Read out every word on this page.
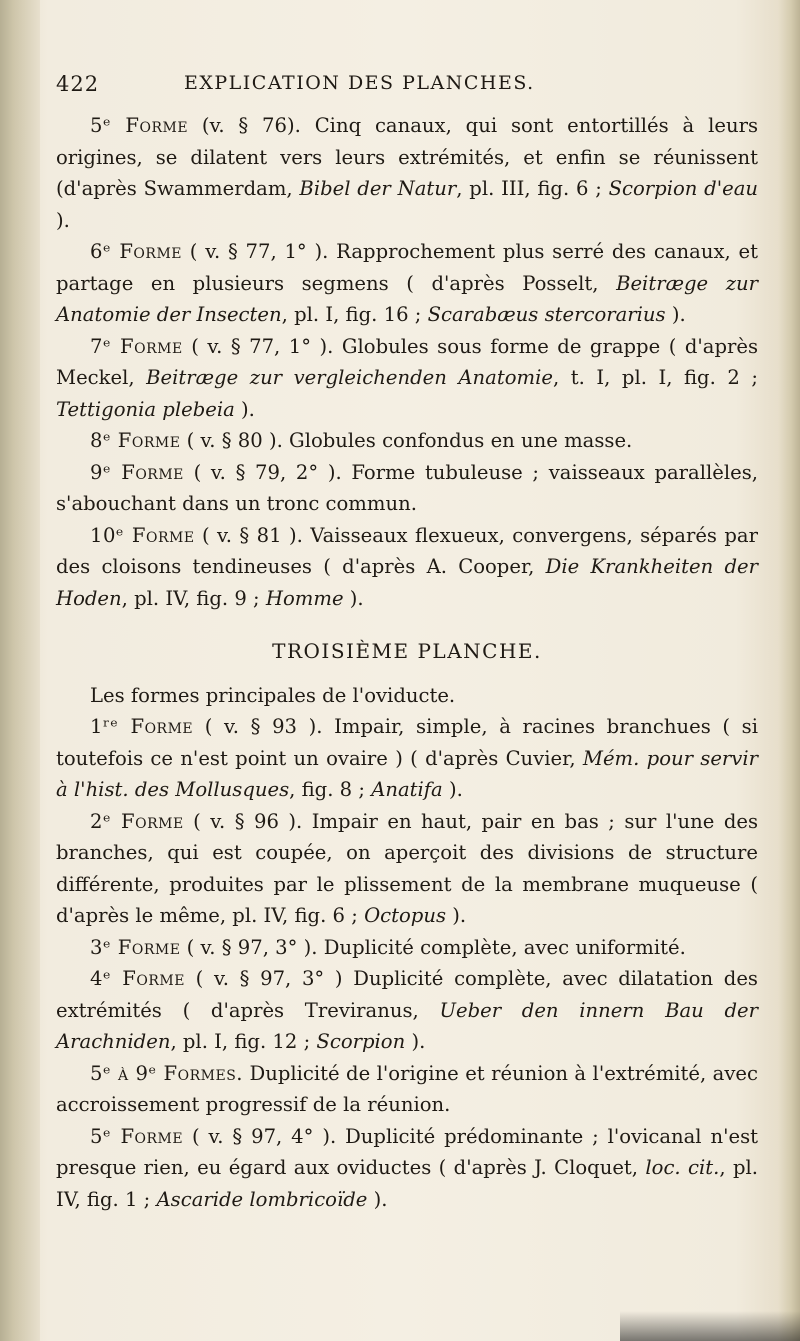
422	EXPLICATION DES PLANCHES.

5ᵉ Forme (v. § 76). Cinq canaux, qui sont entortillés à leurs origines, se dilatent vers leurs extrémités, et enfin se réunissent (d'après Swammerdam, Bibel der Natur, pl. III, fig. 6 ; Scorpion d'eau ).

6ᵉ Forme ( v. § 77, 1° ). Rapprochement plus serré des canaux, et partage en plusieurs segmens ( d'après Posselt, Beitræge zur Anatomie der Insecten, pl. I, fig. 16 ; Scarabæus stercorarius ).

7ᵉ Forme ( v. § 77, 1° ). Globules sous forme de grappe ( d'après Meckel, Beitræge zur vergleichenden Anatomie, t. I, pl. I, fig. 2 ; Tettigonia plebeia ).

8ᵉ Forme ( v. § 80 ). Globules confondus en une masse.

9ᵉ Forme ( v. § 79, 2° ). Forme tubuleuse ; vaisseaux parallèles, s'abouchant dans un tronc commun.

10ᵉ Forme ( v. § 81 ). Vaisseaux flexueux, convergens, séparés par des cloisons tendineuses ( d'après A. Cooper, Die Krankheiten der Hoden, pl. IV, fig. 9 ; Homme ).

TROISIÈME PLANCHE.

Les formes principales de l'oviducte.

1ʳᵉ Forme ( v. § 93 ). Impair, simple, à racines branchues ( si toutefois ce n'est point un ovaire ) ( d'après Cuvier, Mém. pour servir à l'hist. des Mollusques, fig. 8 ; Anatifa ).

2ᵉ Forme ( v. § 96 ). Impair en haut, pair en bas ; sur l'une des branches, qui est coupée, on aperçoit des divisions de structure différente, produites par le plissement de la membrane muqueuse ( d'après le même, pl. IV, fig. 6 ; Octopus ).

3ᵉ Forme ( v. § 97, 3° ). Duplicité complète, avec uniformité.

4ᵉ Forme ( v. § 97, 3° ) Duplicité complète, avec dilatation des extrémités ( d'après Treviranus, Ueber den innern Bau der Arachniden, pl. I, fig. 12 ; Scorpion ).

5ᵉ à 9ᵉ Formes. Duplicité de l'origine et réunion à l'extrémité, avec accroissement progressif de la réunion.

5ᵉ Forme ( v. § 97, 4° ). Duplicité prédominante ; l'ovicanal n'est presque rien, eu égard aux oviductes ( d'après J. Cloquet, loc. cit., pl. IV, fig. 1 ; Ascaride lombricoïde ).
